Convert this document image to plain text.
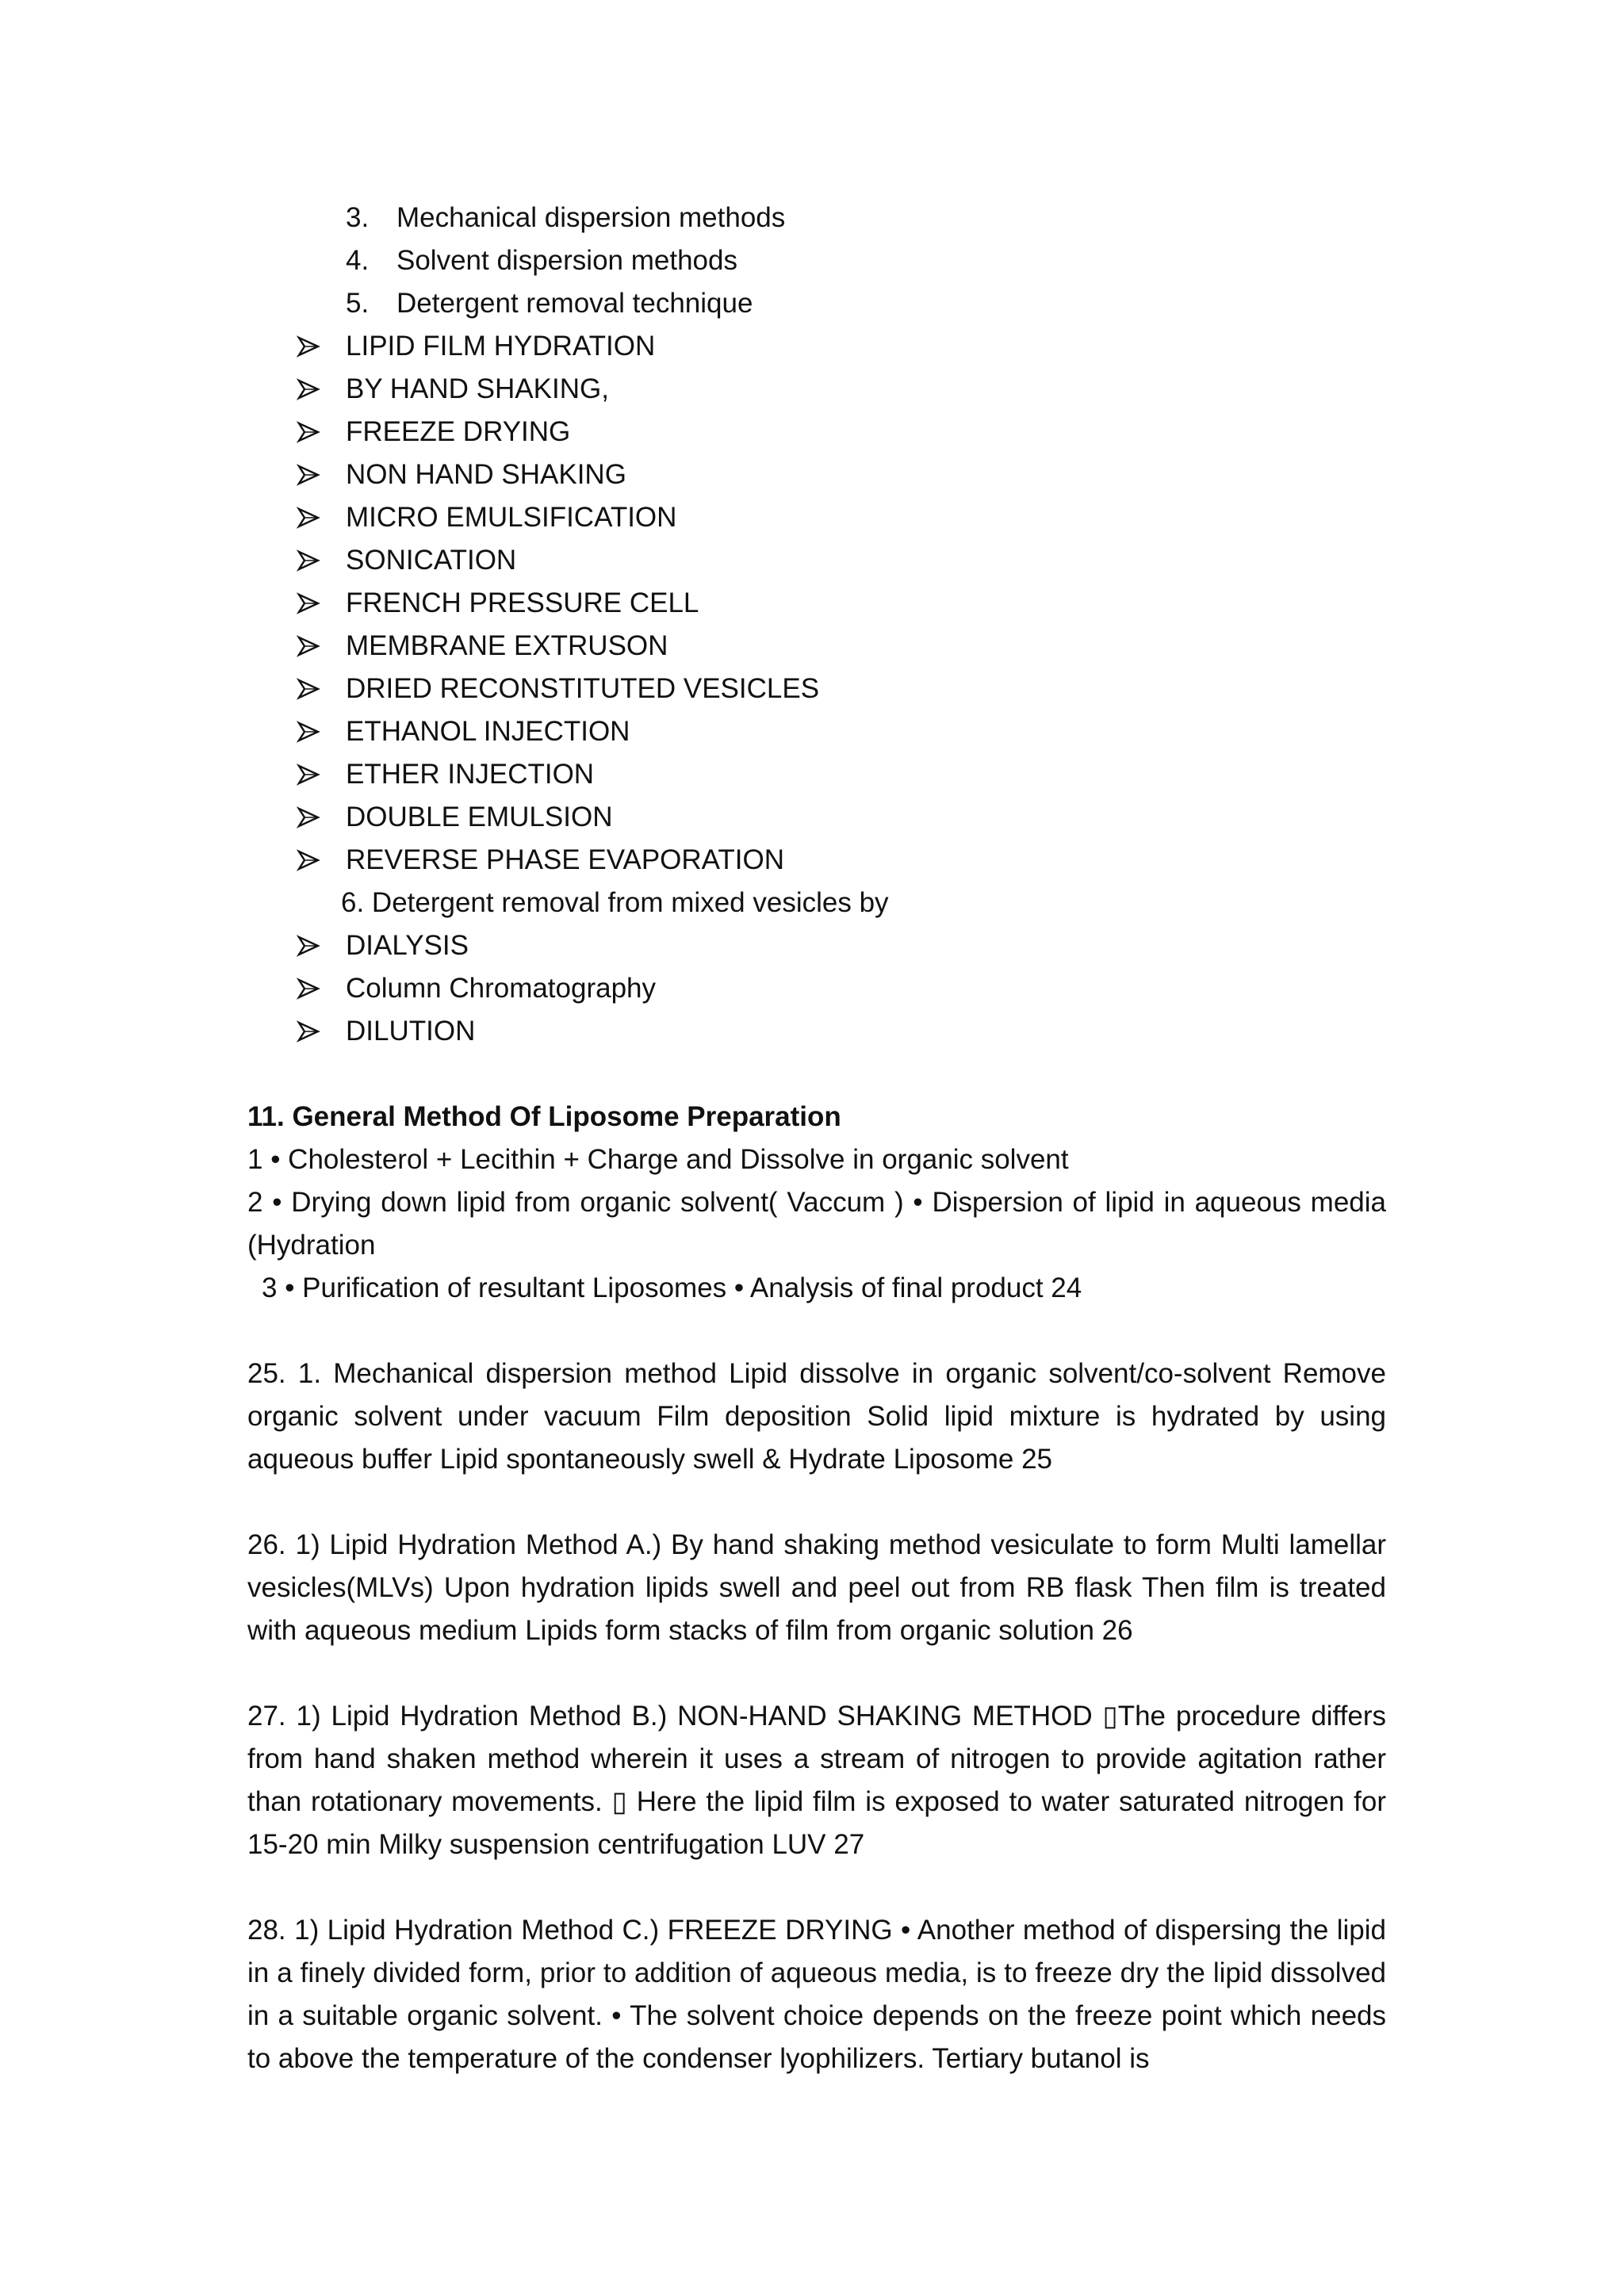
3. Mechanical dispersion methods
4. Solvent dispersion methods
5. Detergent removal technique
LIPID FILM HYDRATION
BY HAND SHAKING,
FREEZE DRYING
NON HAND SHAKING
MICRO EMULSIFICATION
SONICATION
FRENCH PRESSURE CELL
MEMBRANE EXTRUSON
DRIED RECONSTITUTED VESICLES
ETHANOL INJECTION
ETHER INJECTION
DOUBLE EMULSION
REVERSE PHASE EVAPORATION
6. Detergent removal from mixed vesicles by
DIALYSIS
Column Chromatography
DILUTION
11. General Method Of Liposome Preparation

1 • Cholesterol + Lecithin + Charge and Dissolve in organic solvent

2 • Drying down lipid from organic solvent( Vaccum ) • Dispersion of lipid in aqueous media (Hydration

3 • Purification of resultant Liposomes • Analysis of final product 24

25. 1. Mechanical dispersion method Lipid dissolve in organic solvent/co-solvent Remove organic solvent under vacuum Film deposition Solid lipid mixture is hydrated by using aqueous buffer Lipid spontaneously swell & Hydrate Liposome 25

26. 1) Lipid Hydration Method A.) By hand shaking method vesiculate to form Multi lamellar vesicles(MLVs) Upon hydration lipids swell and peel out from RB flask Then film is treated with aqueous medium Lipids form stacks of film from organic solution 26

27. 1) Lipid Hydration Method B.) NON-HAND SHAKING METHOD ▯The procedure differs from hand shaken method wherein it uses a stream of nitrogen to provide agitation rather than rotationary movements. ▯ Here the lipid film is exposed to water saturated nitrogen for 15-20 min Milky suspension centrifugation LUV 27

28. 1) Lipid Hydration Method C.) FREEZE DRYING • Another method of dispersing the lipid in a finely divided form, prior to addition of aqueous media, is to freeze dry the lipid dissolved in a suitable organic solvent. • The solvent choice depends on the freeze point which needs to above the temperature of the condenser lyophilizers. Tertiary butanol is
